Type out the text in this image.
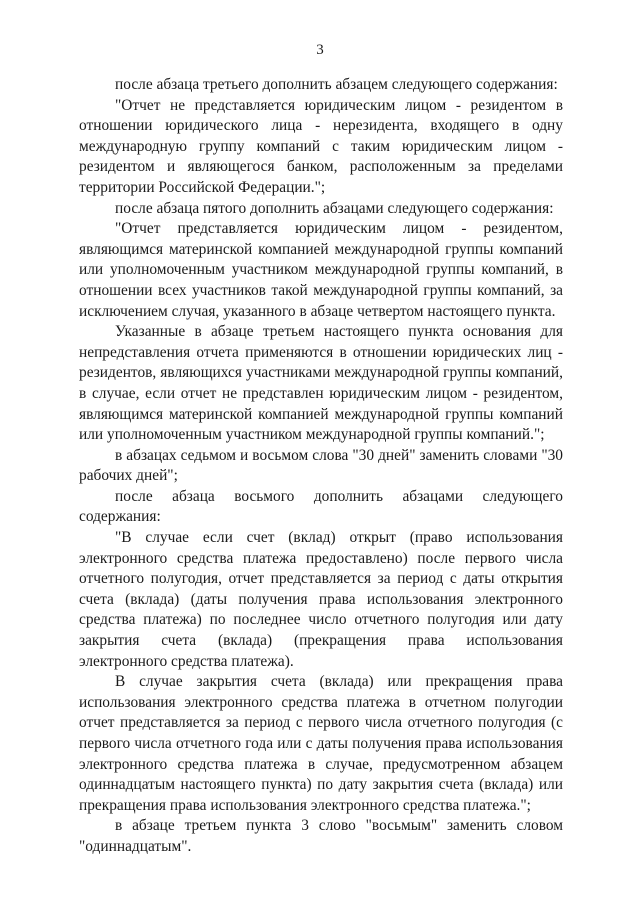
3

после абзаца третьего дополнить абзацем следующего содержания:

"Отчет не представляется юридическим лицом - резидентом в отношении юридического лица - нерезидента, входящего в одну международную группу компаний с таким юридическим лицом - резидентом и являющегося банком, расположенным за пределами территории Российской Федерации.";

после абзаца пятого дополнить абзацами следующего содержания:

"Отчет представляется юридическим лицом - резидентом, являющимся материнской компанией международной группы компаний или уполномоченным участником международной группы компаний, в отношении всех участников такой международной группы компаний, за исключением случая, указанного в абзаце четвертом настоящего пункта.

Указанные в абзаце третьем настоящего пункта основания для непредставления отчета применяются в отношении юридических лиц - резидентов, являющихся участниками международной группы компаний, в случае, если отчет не представлен юридическим лицом - резидентом, являющимся материнской компанией международной группы компаний или уполномоченным участником международной группы компаний.";

в абзацах седьмом и восьмом слова "30 дней" заменить словами "30 рабочих дней";

после абзаца восьмого дополнить абзацами следующего содержания:

"В случае если счет (вклад) открыт (право использования электронного средства платежа предоставлено) после первого числа отчетного полугодия, отчет представляется за период с даты открытия счета (вклада) (даты получения права использования электронного средства платежа) по последнее число отчетного полугодия или дату закрытия счета (вклада) (прекращения права использования электронного средства платежа).

В случае закрытия счета (вклада) или прекращения права использования электронного средства платежа в отчетном полугодии отчет представляется за период с первого числа отчетного полугодия (с первого числа отчетного года или с даты получения права использования электронного средства платежа в случае, предусмотренном абзацем одиннадцатым настоящего пункта) по дату закрытия счета (вклада) или прекращения права использования электронного средства платежа.";

в абзаце третьем пункта 3 слово "восьмым" заменить словом "одиннадцатым".
